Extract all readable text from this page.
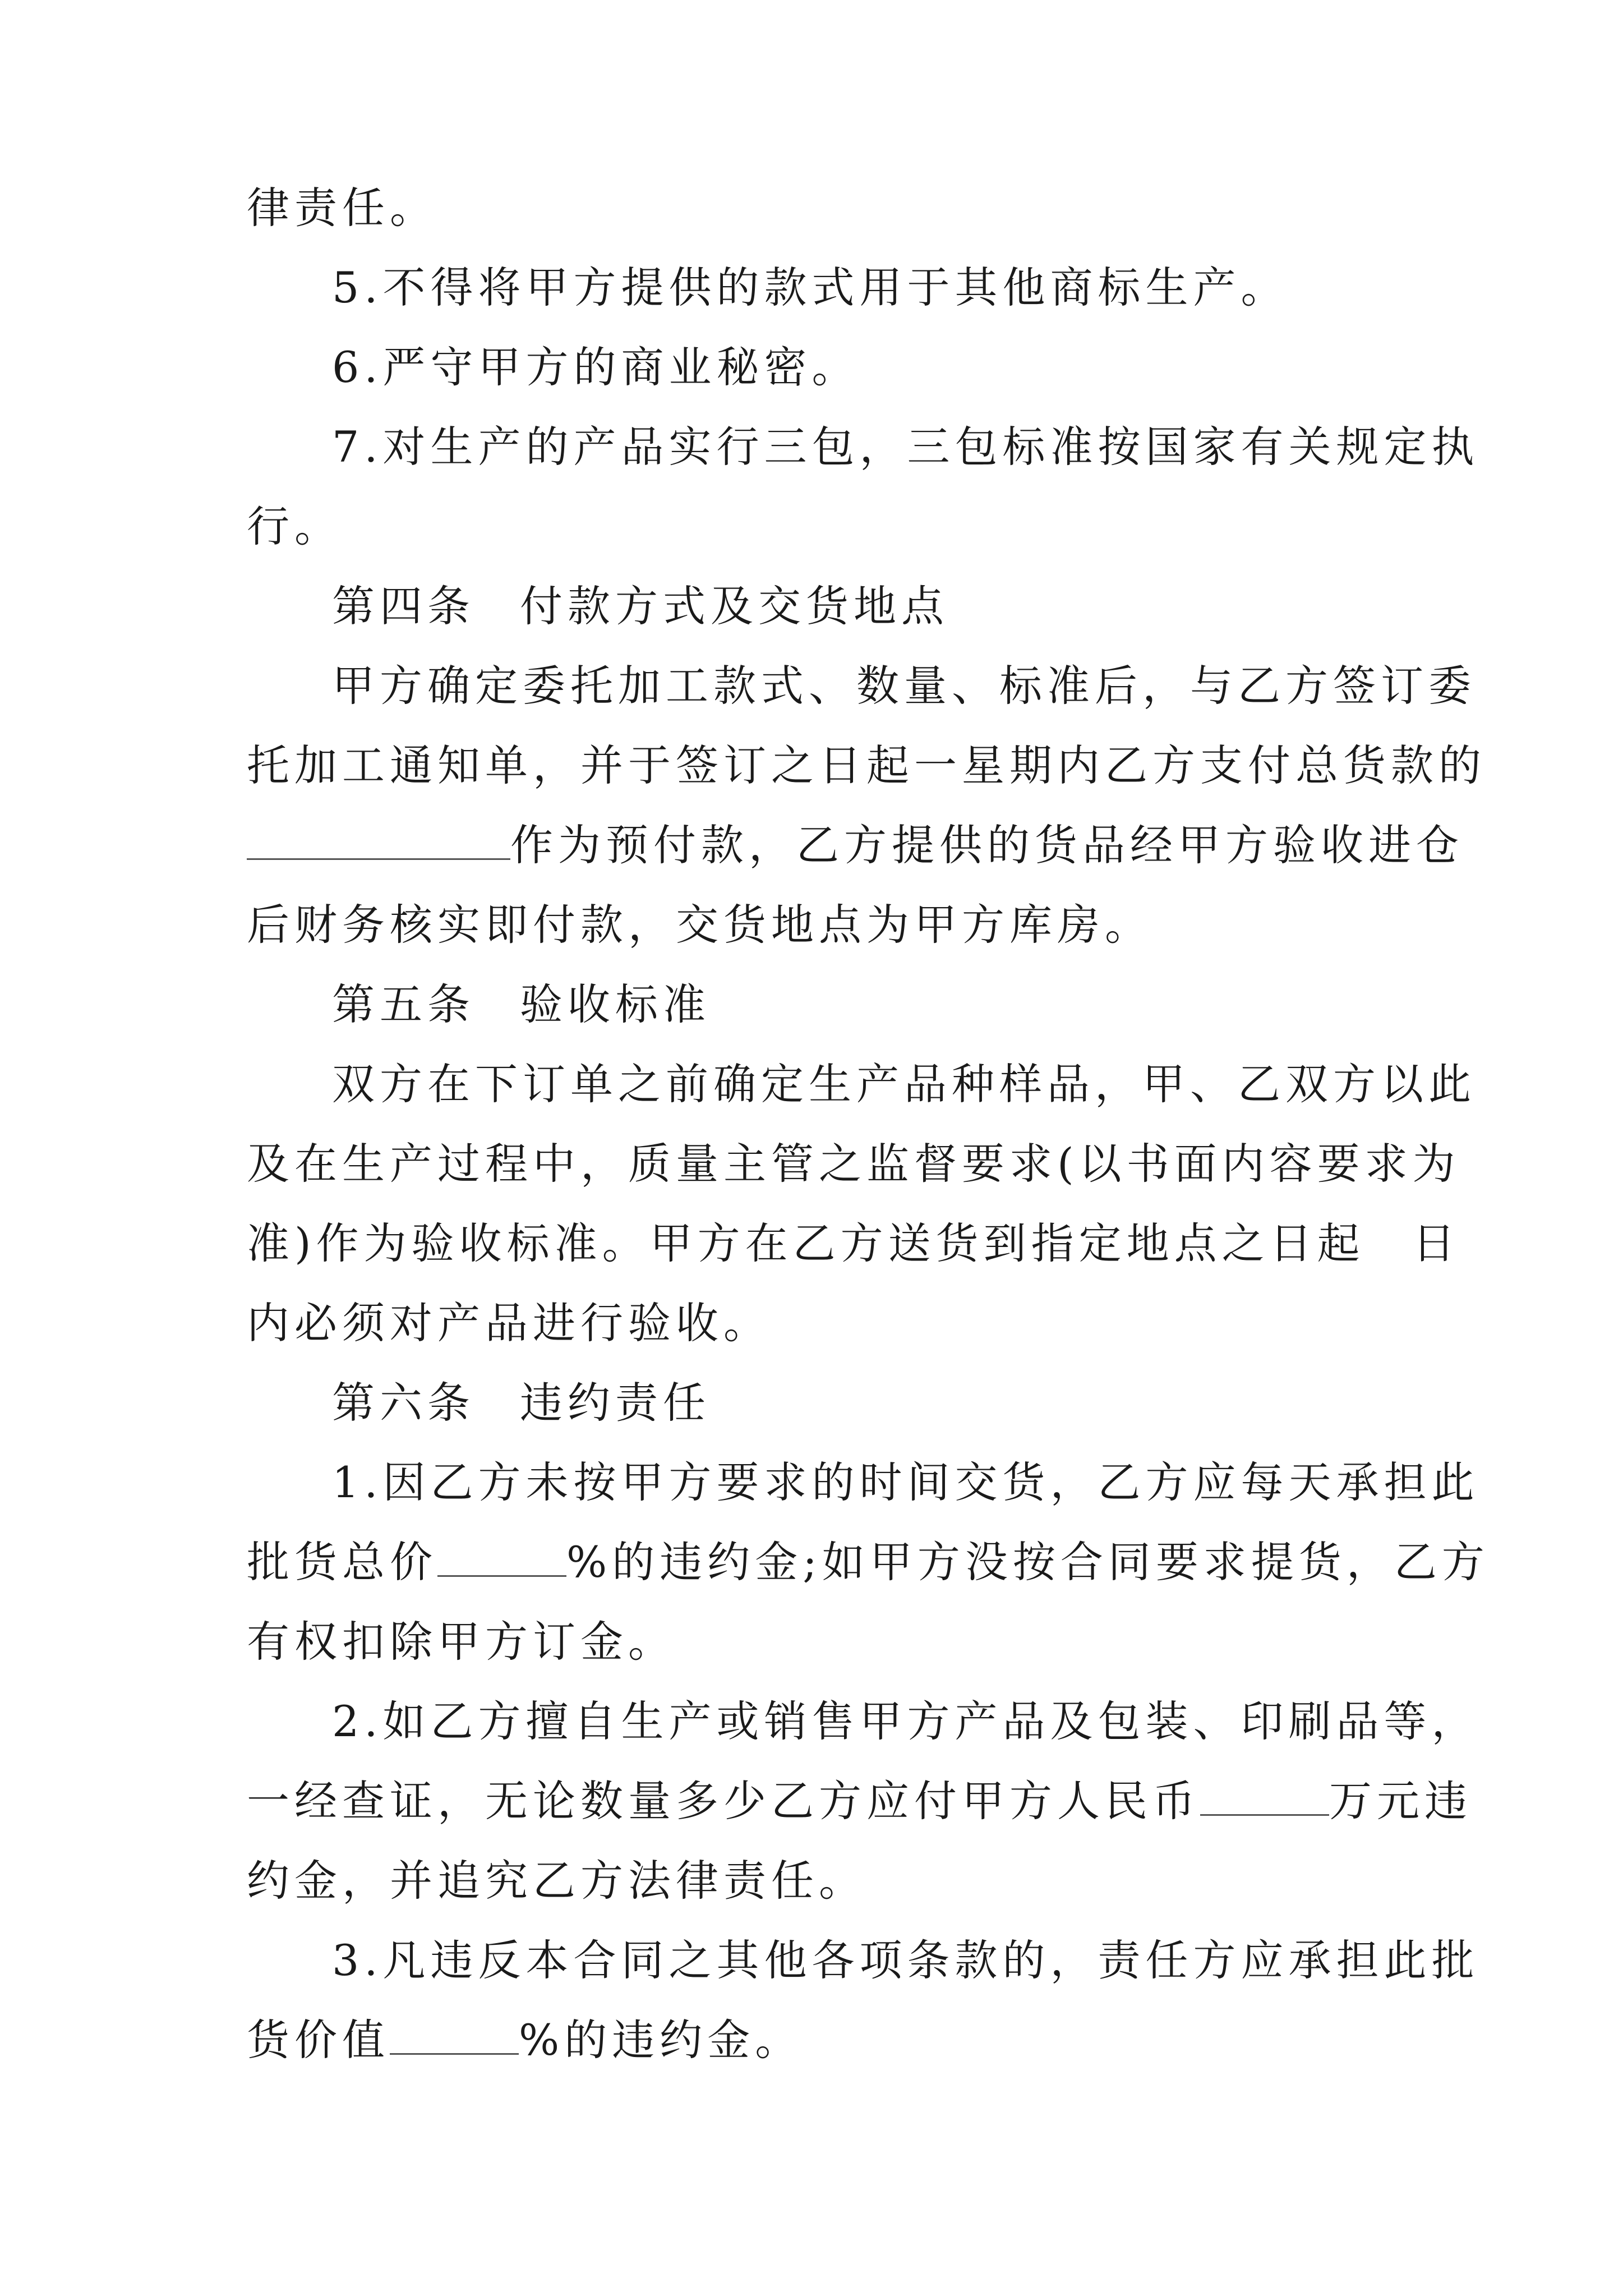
律责任。
5.不得将甲方提供的款式用于其他商标生产。
6.严守甲方的商业秘密。
7.对生产的产品实行三包，三包标准按国家有关规定执
行。
第四条 付款方式及交货地点
甲方确定委托加工款式、数量、标准后，与乙方签订委
托加工通知单，并于签订之日起一星期内乙方支付总货款的
作为预付款，乙方提供的货品经甲方验收进仓
后财务核实即付款，交货地点为甲方库房。
第五条 验收标准
双方在下订单之前确定生产品种样品，甲、乙双方以此
及在生产过程中，质量主管之监督要求(以书面内容要求为
准)作为验收标准。甲方在乙方送货到指定地点之日起　日
内必须对产品进行验收。
第六条 违约责任
1.因乙方未按甲方要求的时间交货，乙方应每天承担此
批货总价	%的违约金;如甲方没按合同要求提货，乙方
有权扣除甲方订金。
2.如乙方擅自生产或销售甲方产品及包装、印刷品等，
一经查证，无论数量多少乙方应付甲方人民币	万元违
约金，并追究乙方法律责任。
3.凡违反本合同之其他各项条款的，责任方应承担此批
货价值	%的违约金。
